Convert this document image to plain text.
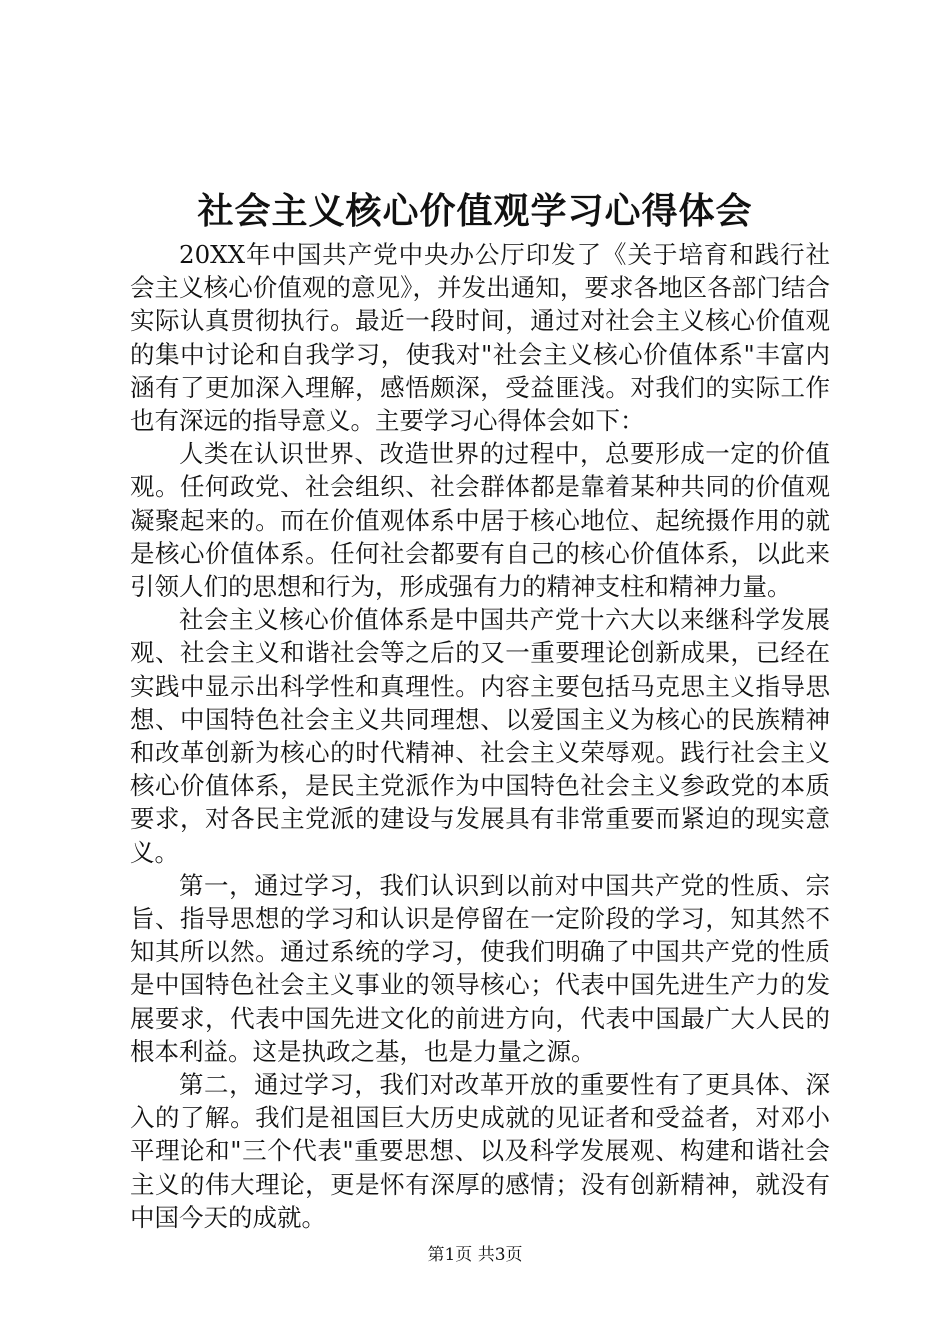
社会主义核心价值观学习心得体会

20XX年中国共产党中央办公厅印发了《关于培育和践行社会主义核心价值观的意见》，并发出通知，要求各地区各部门结合实际认真贯彻执行。最近一段时间，通过对社会主义核心价值观的集中讨论和自我学习，使我对"社会主义核心价值体系"丰富内涵有了更加深入理解，感悟颇深，受益匪浅。对我们的实际工作也有深远的指导意义。主要学习心得体会如下：

人类在认识世界、改造世界的过程中，总要形成一定的价值观。任何政党、社会组织、社会群体都是靠着某种共同的价值观凝聚起来的。而在价值观体系中居于核心地位、起统摄作用的就是核心价值体系。任何社会都要有自己的核心价值体系，以此来引领人们的思想和行为，形成强有力的精神支柱和精神力量。

社会主义核心价值体系是中国共产党十六大以来继科学发展观、社会主义和谐社会等之后的又一重要理论创新成果，已经在实践中显示出科学性和真理性。内容主要包括马克思主义指导思想、中国特色社会主义共同理想、以爱国主义为核心的民族精神和改革创新为核心的时代精神、社会主义荣辱观。践行社会主义核心价值体系，是民主党派作为中国特色社会主义参政党的本质要求，对各民主党派的建设与发展具有非常重要而紧迫的现实意义。

第一，通过学习，我们认识到以前对中国共产党的性质、宗旨、指导思想的学习和认识是停留在一定阶段的学习，知其然不知其所以然。通过系统的学习，使我们明确了中国共产党的性质是中国特色社会主义事业的领导核心；代表中国先进生产力的发展要求，代表中国先进文化的前进方向，代表中国最广大人民的根本利益。这是执政之基，也是力量之源。

第二，通过学习，我们对改革开放的重要性有了更具体、深入的了解。我们是祖国巨大历史成就的见证者和受益者，对邓小平理论和"三个代表"重要思想、以及科学发展观、构建和谐社会主义的伟大理论，更是怀有深厚的感情；没有创新精神，就没有中国今天的成就。

第1页 共3页
